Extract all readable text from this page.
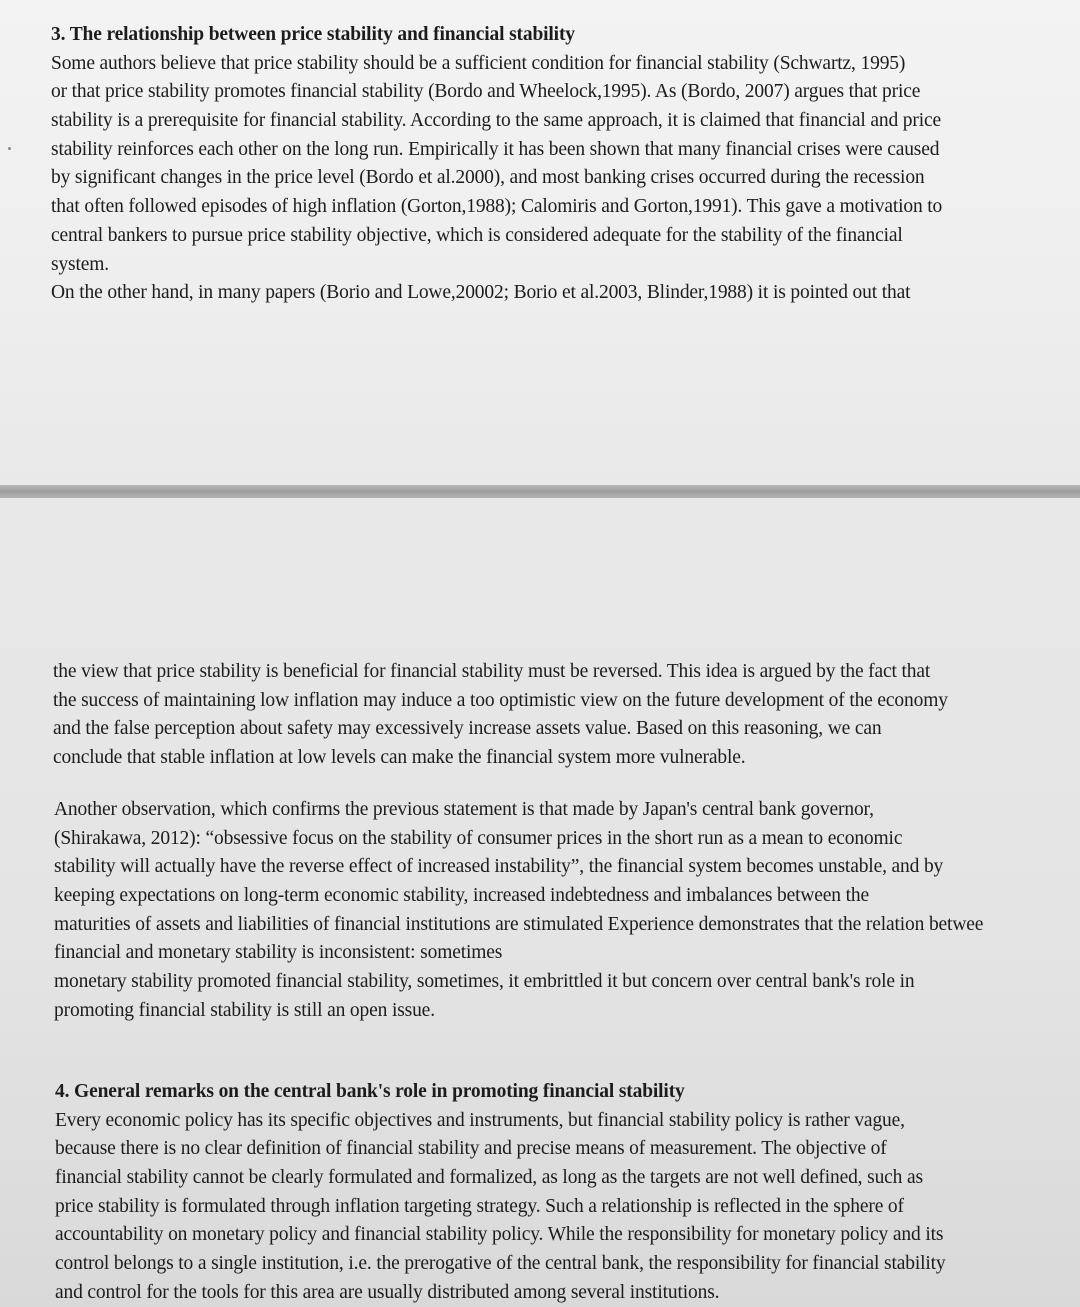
3. The relationship between price stability and financial stability
Some authors believe that price stability should be a sufficient condition for financial stability (Schwartz, 1995)
or that price stability promotes financial stability (Bordo and Wheelock,1995). As (Bordo, 2007) argues that price
stability is a prerequisite for financial stability. According to the same approach, it is claimed that financial and price
stability reinforces each other on the long run. Empirically it has been shown that many financial crises were caused
by significant changes in the price level (Bordo et al.2000), and most banking crises occurred during the recession
that often followed episodes of high inflation (Gorton,1988); Calomiris and Gorton,1991). This gave a motivation to
central bankers to pursue price stability objective, which is considered adequate for the stability of the financial
system.
On the other hand, in many papers (Borio and Lowe,20002; Borio et al.2003, Blinder,1988) it is pointed out that
the view that price stability is beneficial for financial stability must be reversed. This idea is argued by the fact that
the success of maintaining low inflation may induce a too optimistic view on the future development of the economy
and the false perception about safety may excessively increase assets value. Based on this reasoning, we can
conclude that stable inflation at low levels can make the financial system more vulnerable.
Another observation, which confirms the previous statement is that made by Japan's central bank governor,
(Shirakawa, 2012): “obsessive focus on the stability of consumer prices in the short run as a mean to economic
stability will actually have the reverse effect of increased instability”, the financial system becomes unstable, and by
keeping expectations on long-term economic stability, increased indebtedness and imbalances between the
maturities of assets and liabilities of financial institutions are stimulated Experience demonstrates that the relation betwee
financial and monetary stability is inconsistent: sometimes
monetary stability promoted financial stability, sometimes, it embrittled it but concern over central bank's role in
promoting financial stability is still an open issue.
4. General remarks on the central bank's role in promoting financial stability
Every economic policy has its specific objectives and instruments, but financial stability policy is rather vague,
because there is no clear definition of financial stability and precise means of measurement. The objective of
financial stability cannot be clearly formulated and formalized, as long as the targets are not well defined, such as
price stability is formulated through inflation targeting strategy. Such a relationship is reflected in the sphere of
accountability on monetary policy and financial stability policy. While the responsibility for monetary policy and its
control belongs to a single institution, i.e. the prerogative of the central bank, the responsibility for financial stability
and control for the tools for this area are usually distributed among several institutions.
